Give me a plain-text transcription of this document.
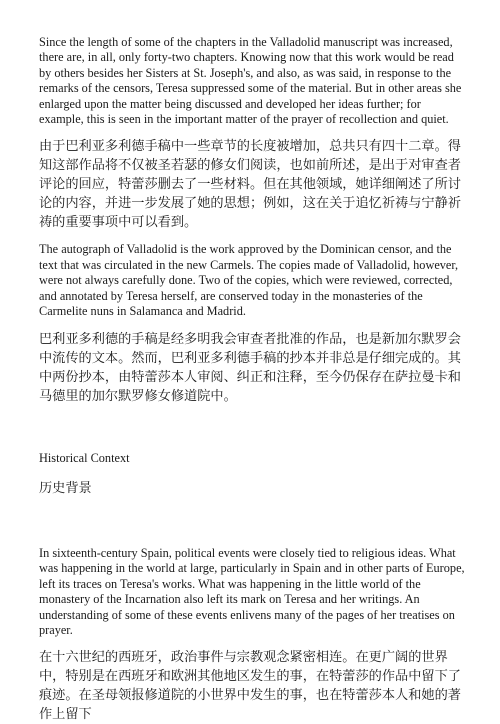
Since the length of some of the chapters in the Valladolid manuscript was increased, there are, in all, only forty-two chapters. Knowing now that this work would be read by others besides her Sisters at St. Joseph's, and also, as was said, in response to the remarks of the censors, Teresa suppressed some of the material. But in other areas she enlarged upon the matter being discussed and developed her ideas further; for example, this is seen in the important matter of the prayer of recollection and quiet.

由于巴利亚多利德手稿中一些章节的长度被增加，总共只有四十二章。得知这部作品将不仅被圣若瑟的修女们阅读，也如前所述，是出于对审查者评论的回应，特蕾莎删去了一些材料。但在其他领域，她详细阐述了所讨论的内容，并进一步发展了她的思想；例如，这在关于追忆祈祷与宁静祈祷的重要事项中可以看到。

The autograph of Valladolid is the work approved by the Dominican censor, and the text that was circulated in the new Carmels. The copies made of Valladolid, however, were not always carefully done. Two of the copies, which were reviewed, corrected, and annotated by Teresa herself, are conserved today in the monasteries of the Carmelite nuns in Salamanca and Madrid.

巴利亚多利德的手稿是经多明我会审查者批准的作品，也是新加尔默罗会中流传的文本。然而，巴利亚多利德手稿的抄本并非总是仔细完成的。其中两份抄本，由特蕾莎本人审阅、纠正和注释，至今仍保存在萨拉曼卡和马德里的加尔默罗修女修道院中。

Historical Context

历史背景

In sixteenth-century Spain, political events were closely tied to religious ideas. What was happening in the world at large, particularly in Spain and in other parts of Europe, left its traces on Teresa's works. What was happening in the little world of the monastery of the Incarnation also left its mark on Teresa and her writings. An understanding of some of these events enlivens many of the pages of her treatises on prayer.

在十六世纪的西班牙，政治事件与宗教观念紧密相连。在更广阔的世界中，特别是在西班牙和欧洲其他地区发生的事，在特蕾莎的作品中留下了痕迹。在圣母领报修道院的小世界中发生的事，也在特蕾莎本人和她的著作上留下
